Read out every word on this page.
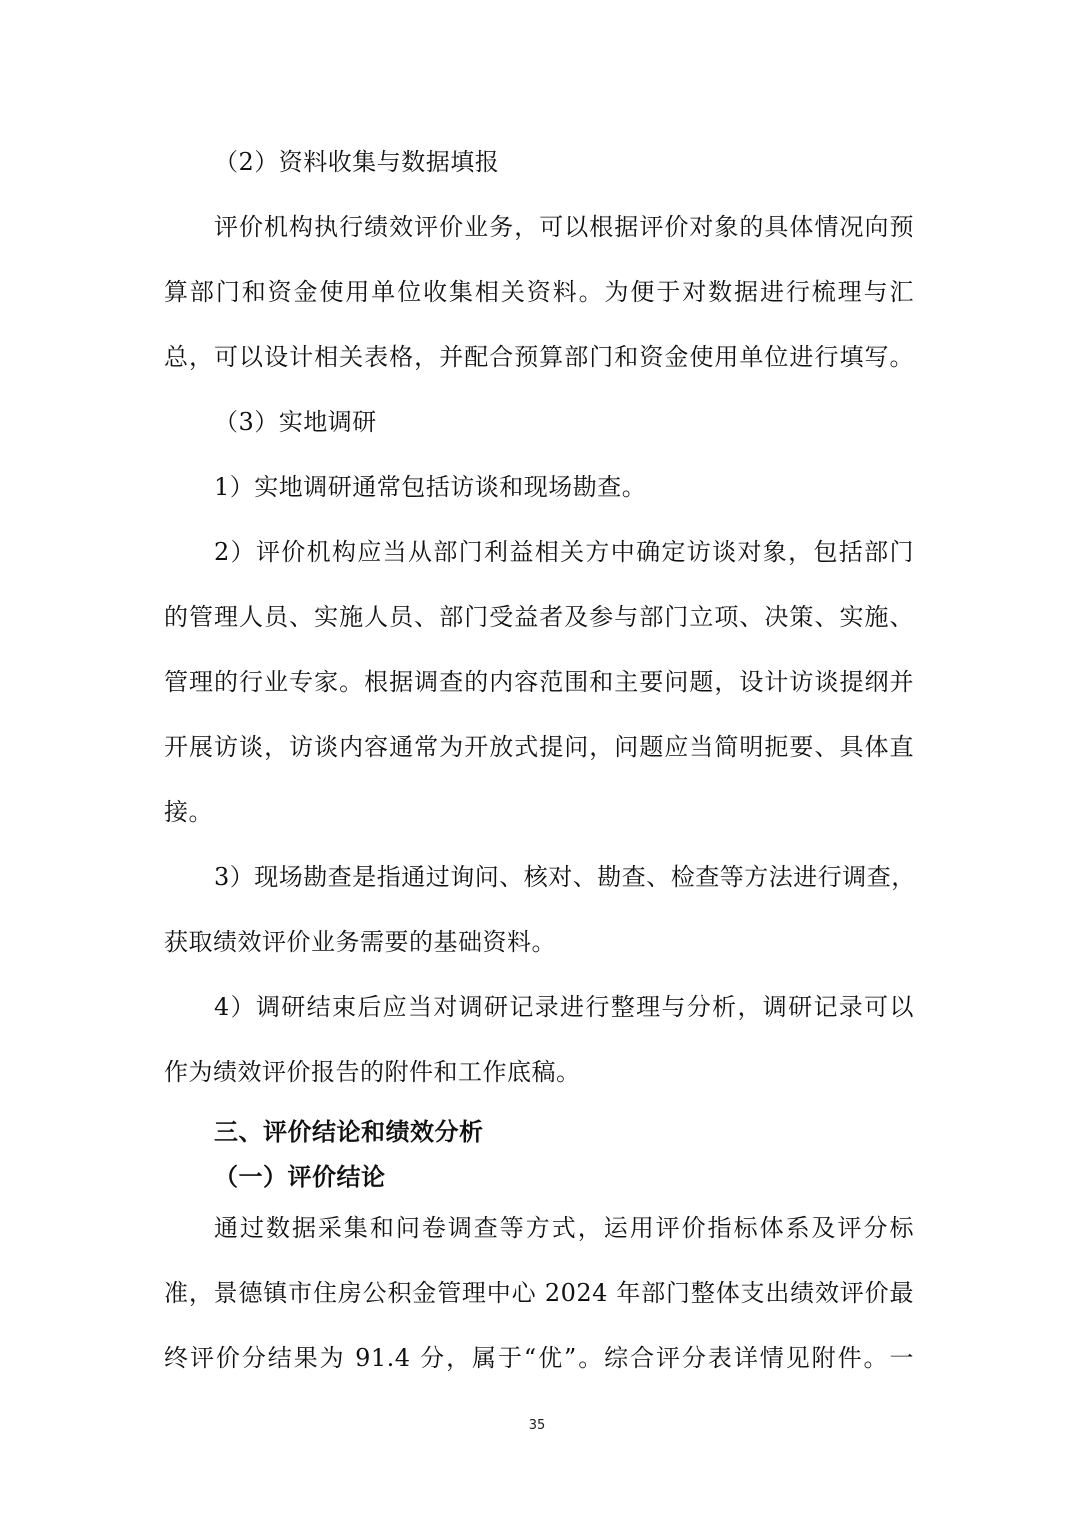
（2）资料收集与数据填报
评价机构执行绩效评价业务，可以根据评价对象的具体情况向预
算部门和资金使用单位收集相关资料。为便于对数据进行梳理与汇
总，可以设计相关表格，并配合预算部门和资金使用单位进行填写。
（3）实地调研
1）实地调研通常包括访谈和现场勘查。
2）评价机构应当从部门利益相关方中确定访谈对象，包括部门
的管理人员、实施人员、部门受益者及参与部门立项、决策、实施、
管理的行业专家。根据调查的内容范围和主要问题，设计访谈提纲并
开展访谈，访谈内容通常为开放式提问，问题应当简明扼要、具体直
接。
3）现场勘查是指通过询问、核对、勘查、检查等方法进行调查，
获取绩效评价业务需要的基础资料。
4）调研结束后应当对调研记录进行整理与分析，调研记录可以
作为绩效评价报告的附件和工作底稿。
三、评价结论和绩效分析
（一）评价结论
通过数据采集和问卷调查等方式，运用评价指标体系及评分标
准，景德镇市住房公积金管理中心 2024 年部门整体支出绩效评价最
终评价分结果为 91.4 分，属于“优”。综合评分表详情见附件。一
35
